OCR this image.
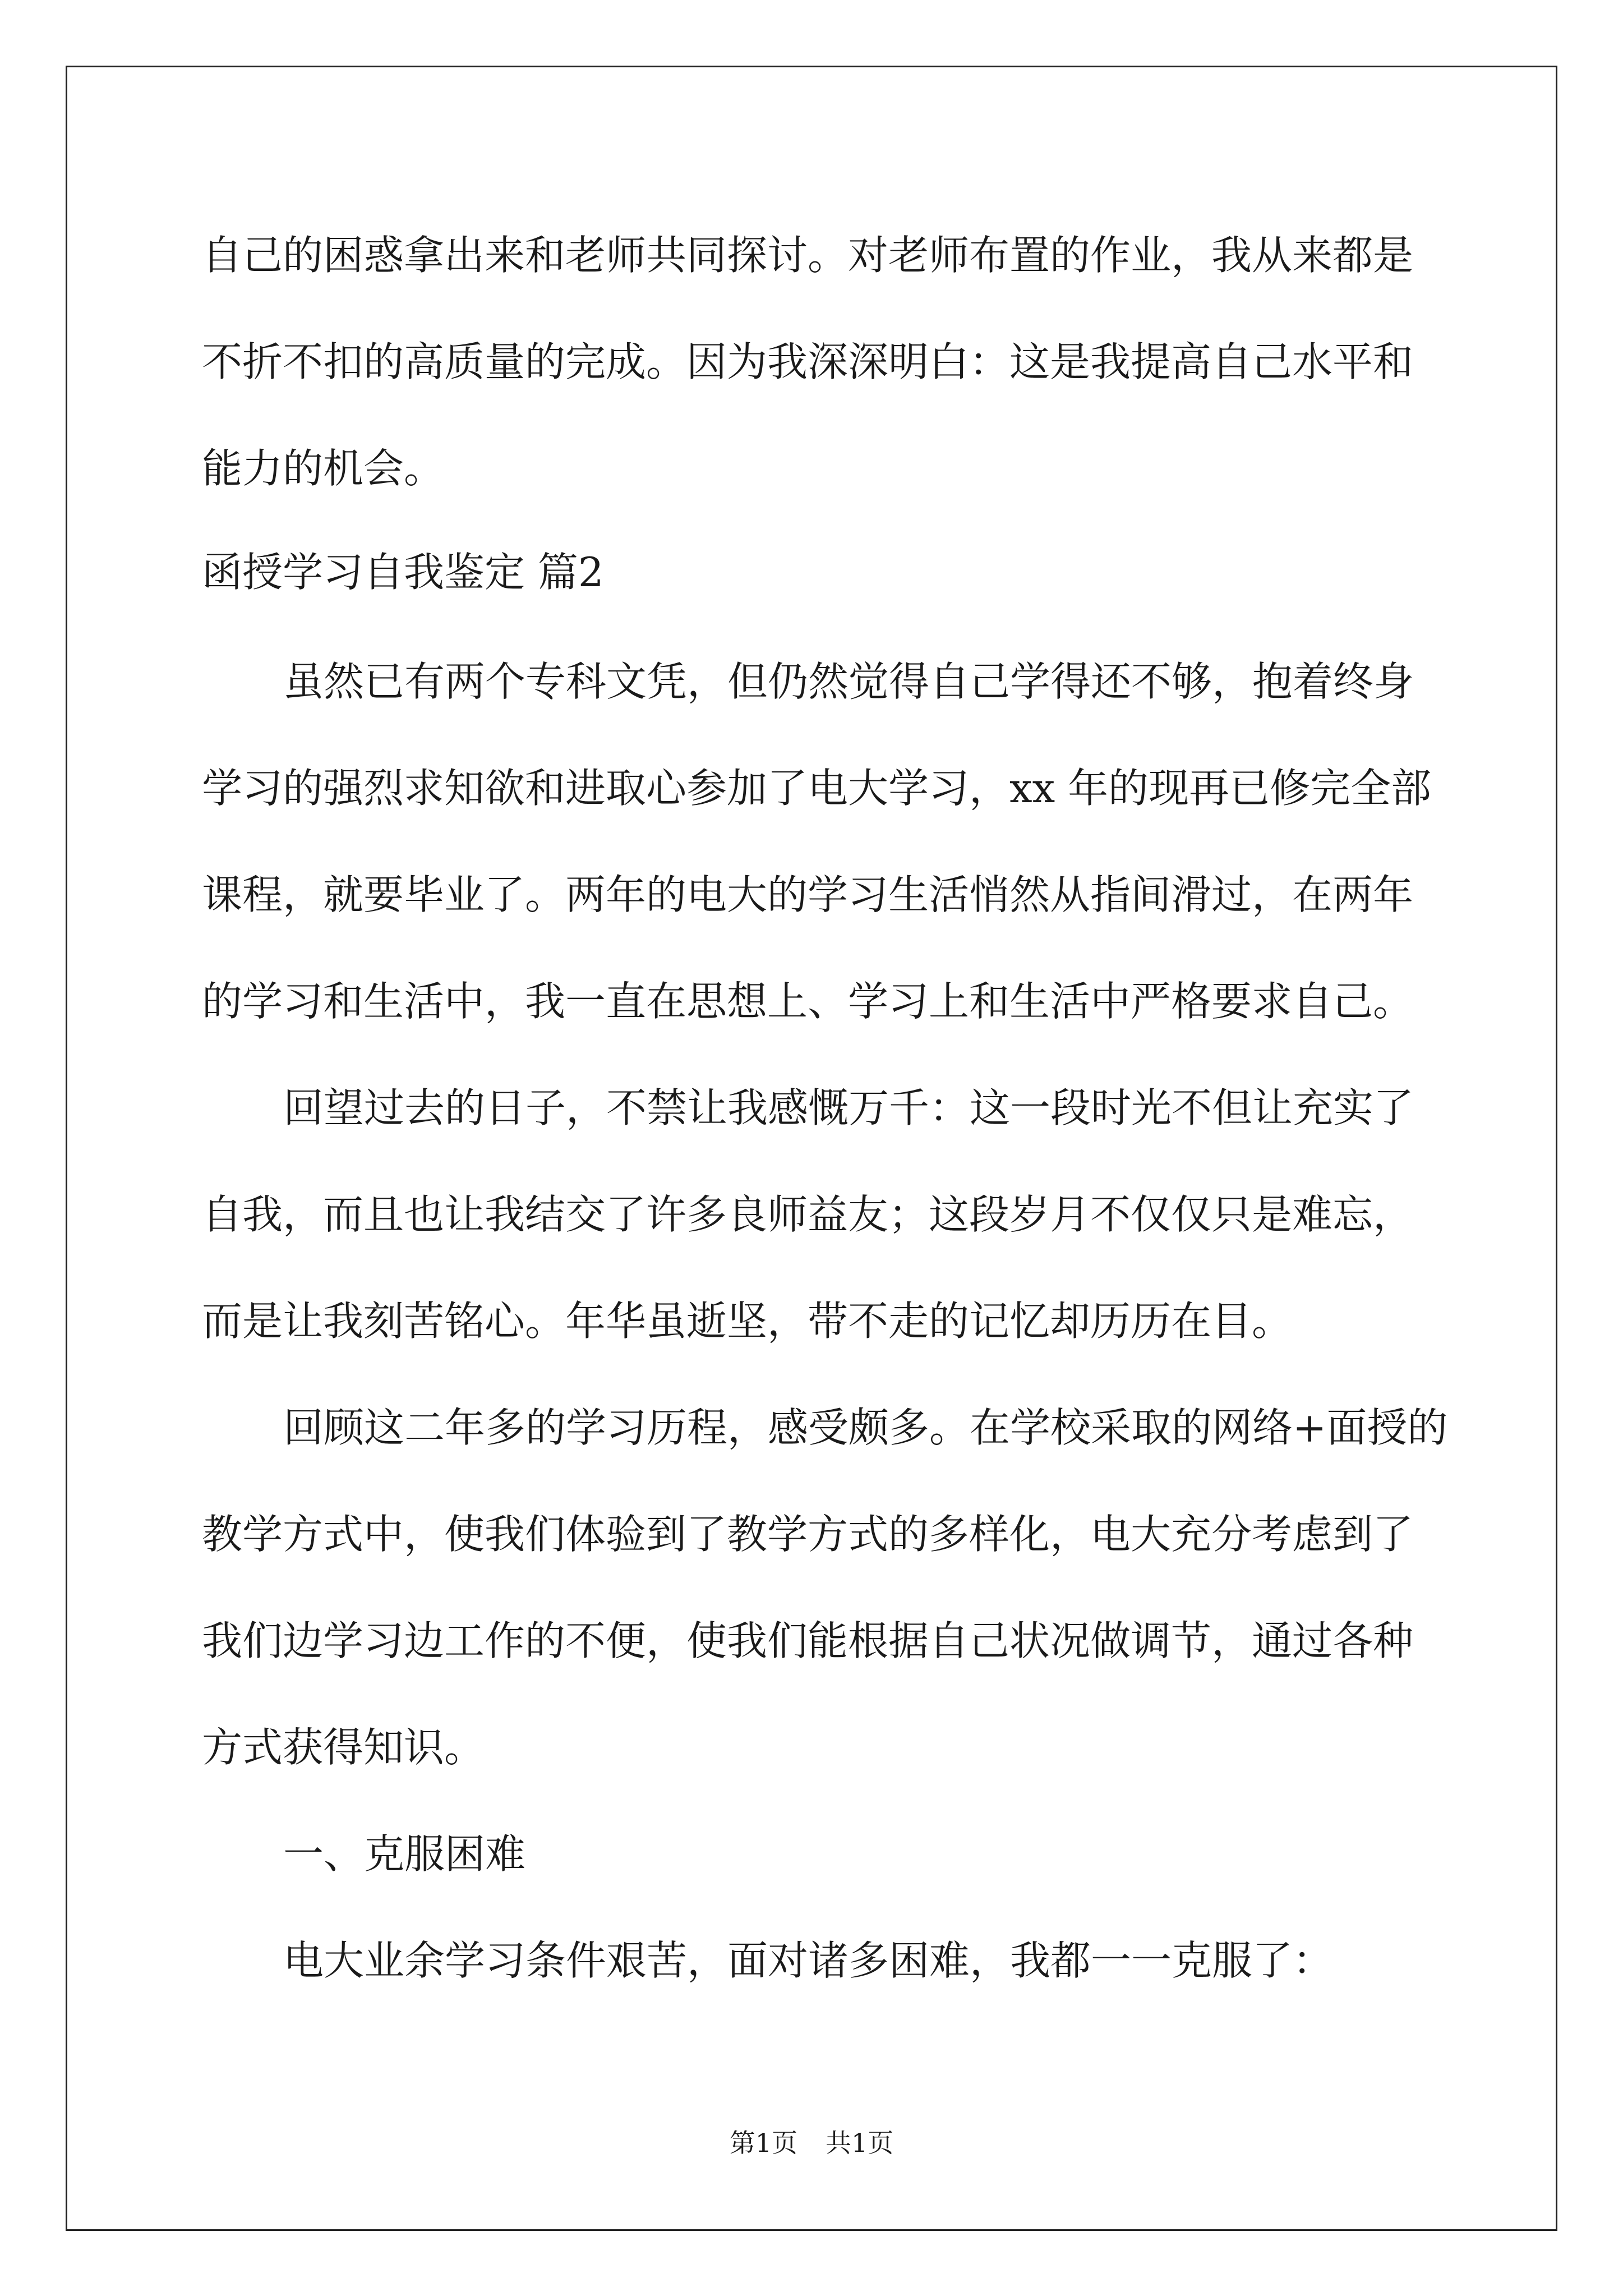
自己的困惑拿出来和老师共同探讨。对老师布置的作业，我从来都是
不折不扣的高质量的完成。因为我深深明白：这是我提高自己水平和
能力的机会。
函授学习自我鉴定 篇2
虽然已有两个专科文凭，但仍然觉得自己学得还不够，抱着终身
学习的强烈求知欲和进取心参加了电大学习，xx 年的现再已修完全部
课程，就要毕业了。两年的电大的学习生活悄然从指间滑过，在两年
的学习和生活中，我一直在思想上、学习上和生活中严格要求自己。
回望过去的日子，不禁让我感慨万千：这一段时光不但让充实了
自我，而且也让我结交了许多良师益友；这段岁月不仅仅只是难忘，
而是让我刻苦铭心。年华虽逝坚，带不走的记忆却历历在目。
回顾这二年多的学习历程，感受颇多。在学校采取的网络+面授的
教学方式中，使我们体验到了教学方式的多样化，电大充分考虑到了
我们边学习边工作的不便，使我们能根据自己状况做调节，通过各种
方式获得知识。
一、克服困难
电大业余学习条件艰苦，面对诸多困难，我都一一克服了：
第1页 共1页
